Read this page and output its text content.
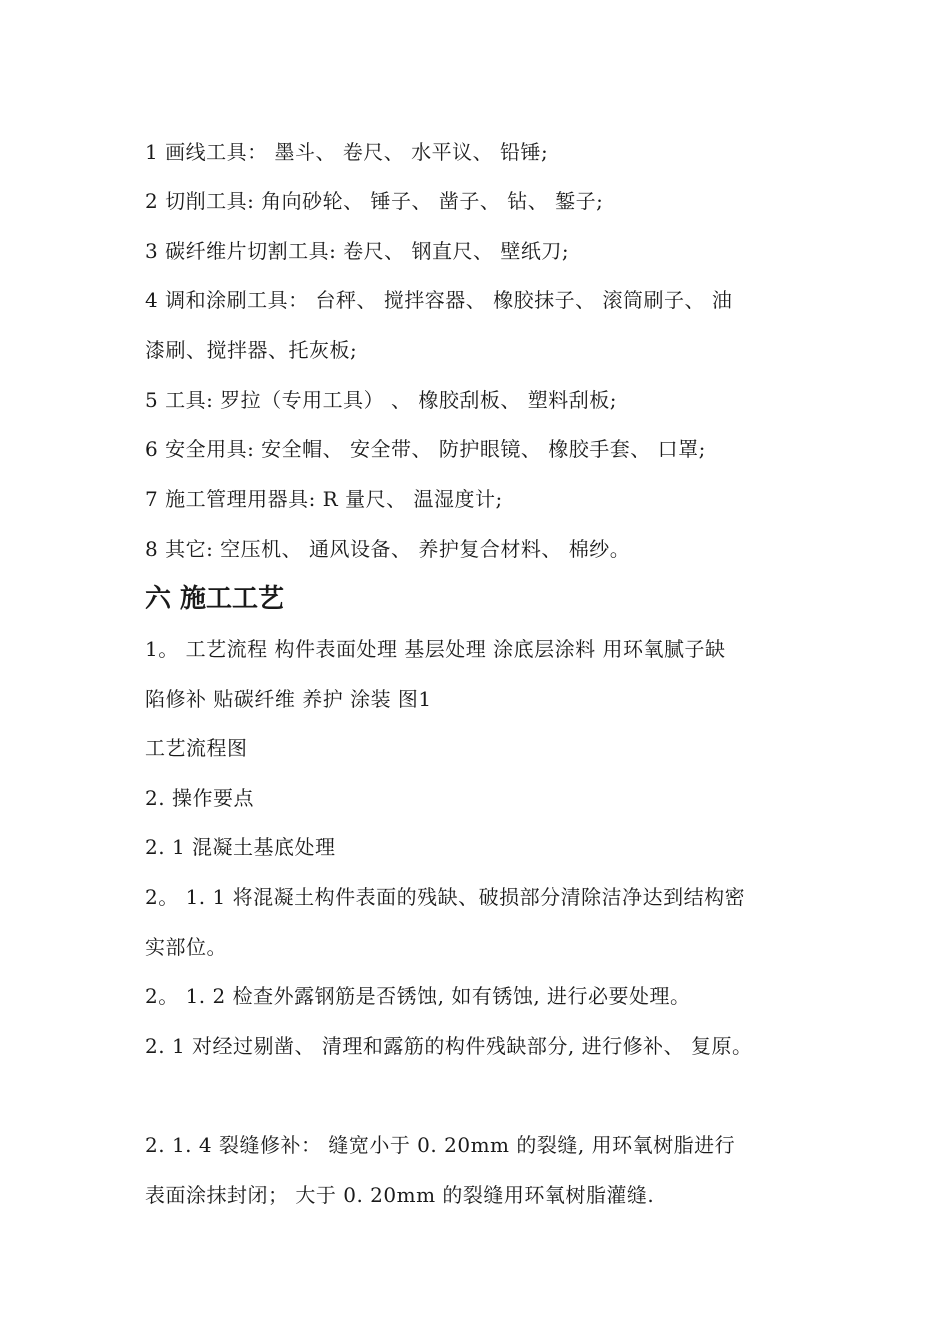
1 画线工具： 墨斗、 卷尺、 水平议、 铅锤;
2 切削工具: 角向砂轮、 锤子、 凿子、 钻、 錾子;
3 碳纤维片切割工具: 卷尺、 钢直尺、 壁纸刀;
4 调和涂刷工具： 台秤、 搅拌容器、 橡胶抹子、 滚筒刷子、 油
漆刷、搅拌器、托灰板;
5 工具: 罗拉（专用工具） 、 橡胶刮板、 塑料刮板;
6 安全用具: 安全帽、 安全带、 防护眼镜、 橡胶手套、 口罩;
7 施工管理用器具: R 量尺、 温湿度计;
8 其它: 空压机、 通风设备、 养护复合材料、 棉纱。
六 施工工艺
1。 工艺流程 构件表面处理 基层处理 涂底层涂料 用环氧腻子缺
陷修补 贴碳纤维 养护 涂装 图1
工艺流程图
2. 操作要点
2. 1 混凝土基底处理
2。 1. 1 将混凝土构件表面的残缺、破损部分清除洁净达到结构密
实部位。
2。 1. 2 检查外露钢筋是否锈蚀, 如有锈蚀, 进行必要处理。
2. 1 对经过剔凿、 清理和露筋的构件残缺部分, 进行修补、 复原。
2. 1. 4 裂缝修补： 缝宽小于 0. 20mm 的裂缝, 用环氧树脂进行
表面涂抹封闭； 大于 0. 20mm 的裂缝用环氧树脂灌缝.
